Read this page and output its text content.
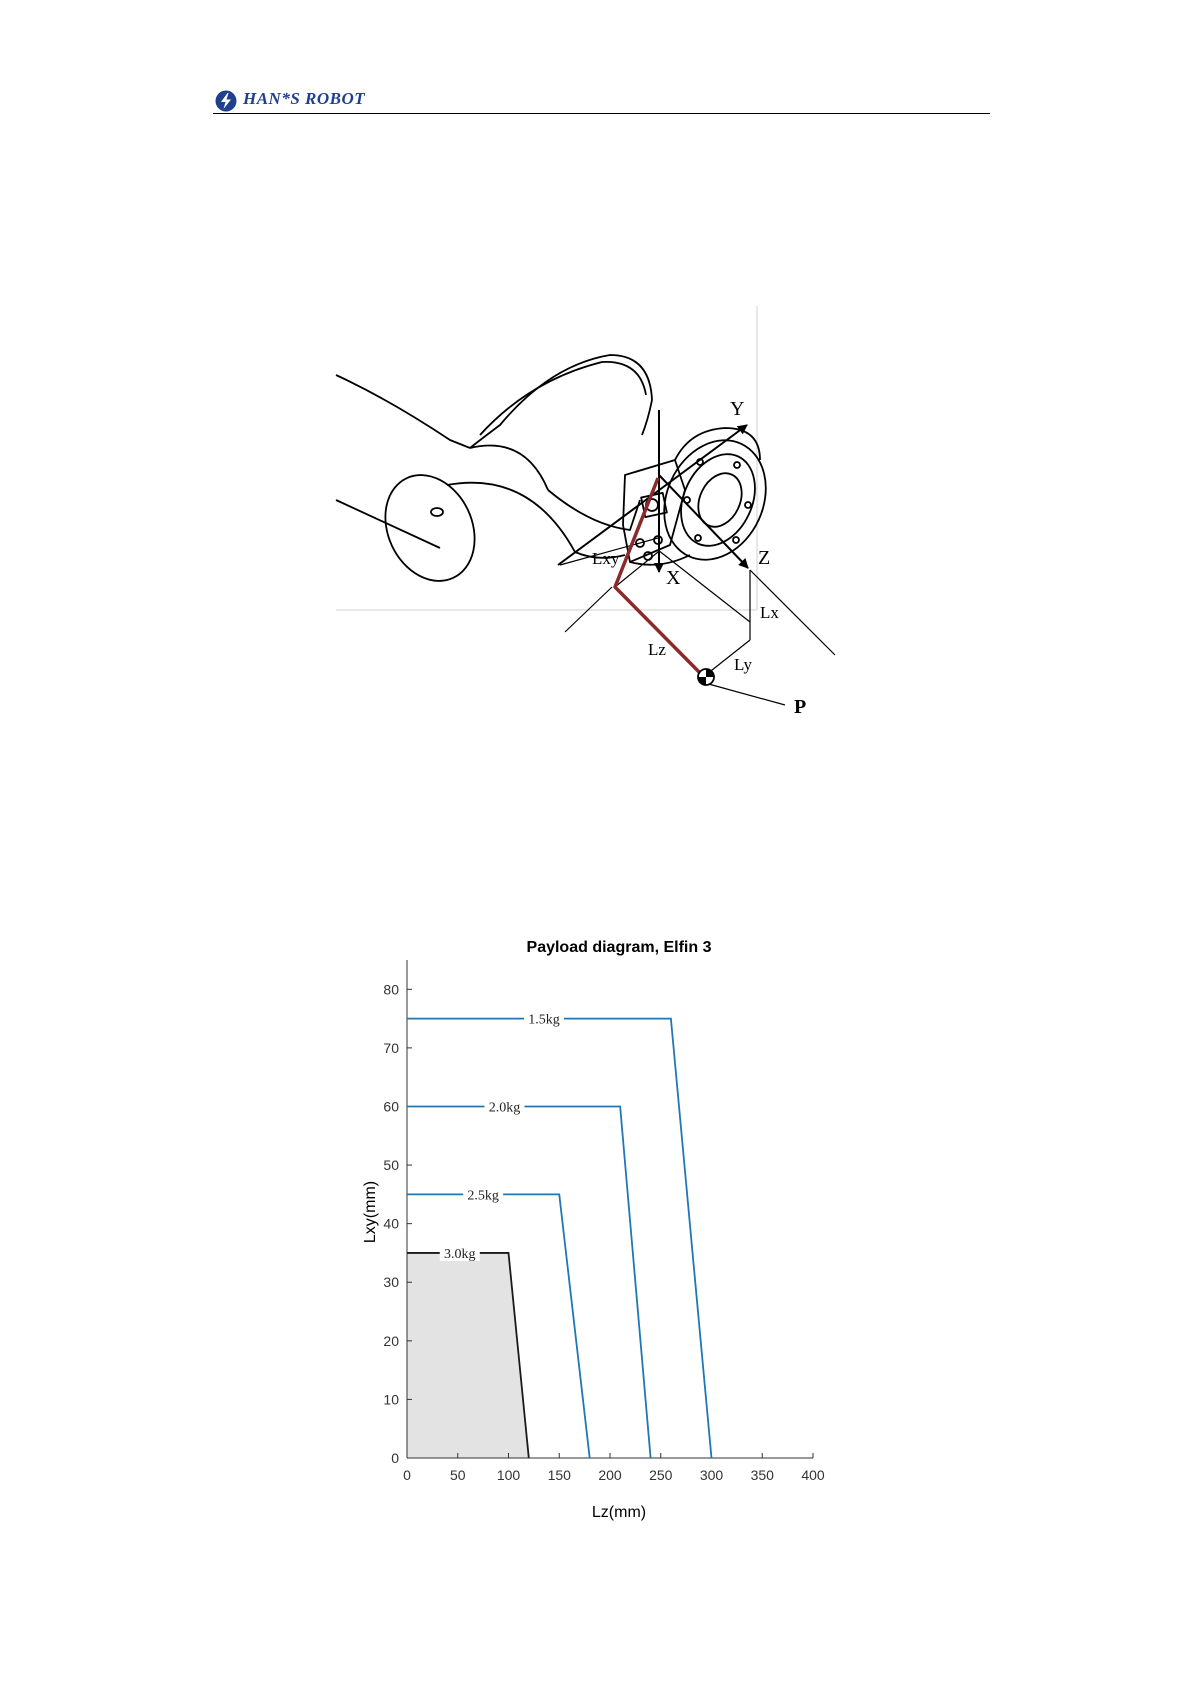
HAN*S ROBOT
Y
Z
X
Lxy
Lx
Ly
Lz
P
Payload diagram, Elfin 3
Lxy(mm)
Lz(mm)
0
10
20
30
40
50
60
70
80
0	50 100 150 200 250 300 350 400
1.5kg
2.0kg
2.5kg
3.0kg
